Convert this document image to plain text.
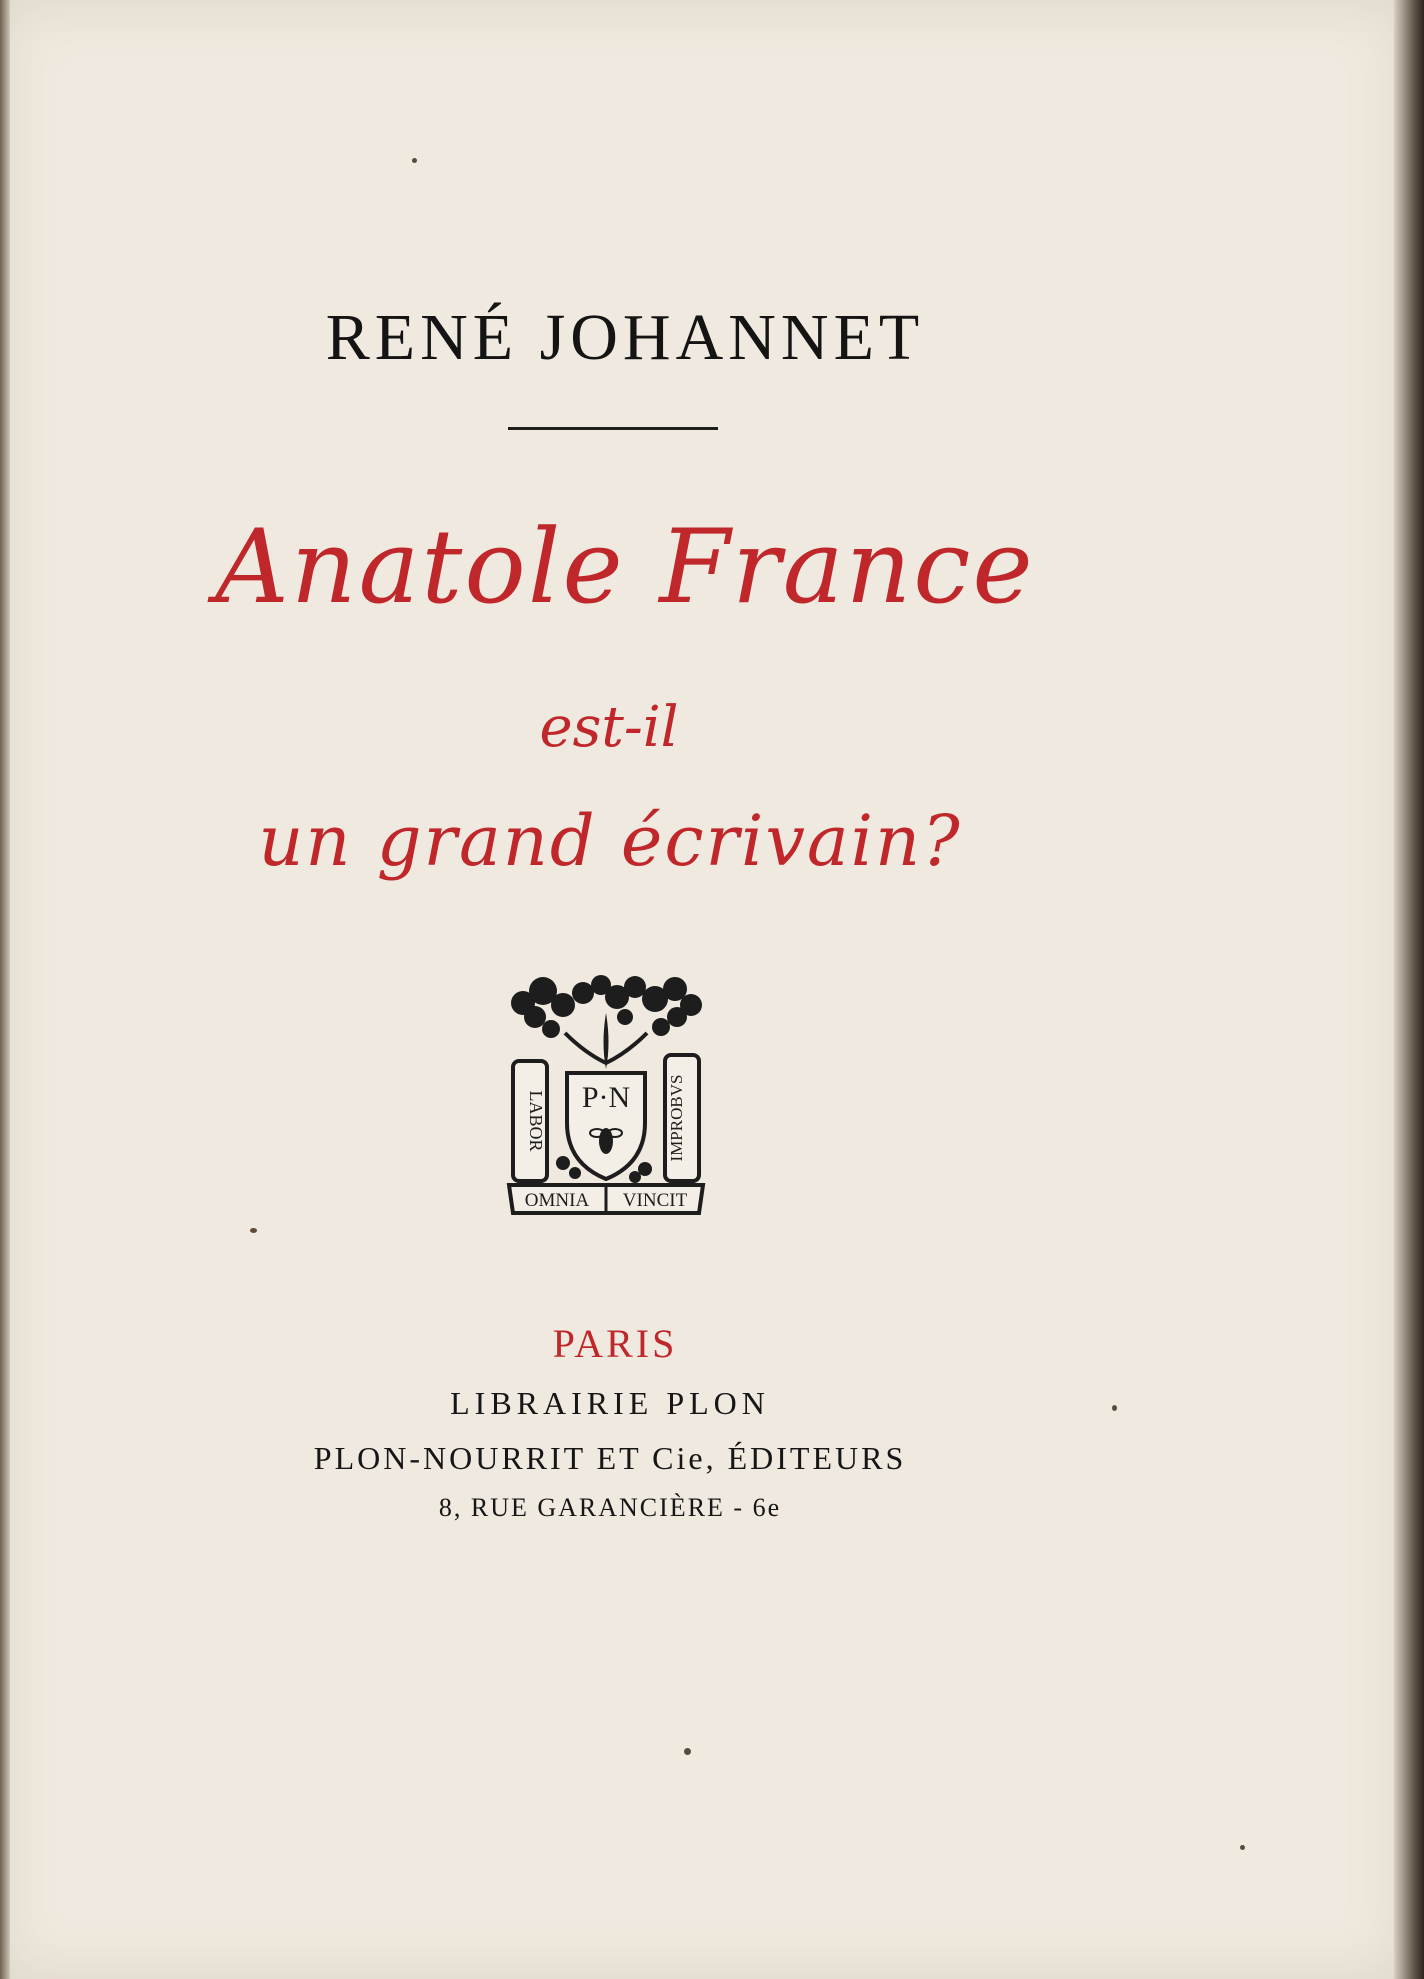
RENÉ JOHANNET
Anatole France
est-il
un grand écrivain?
LABOR	IMPROBVS
P·N
OMNIA VINCIT
PARIS
LIBRAIRIE PLON
PLON-NOURRIT ET Cie, ÉDITEURS
8, RUE GARANCIÈRE - 6e
